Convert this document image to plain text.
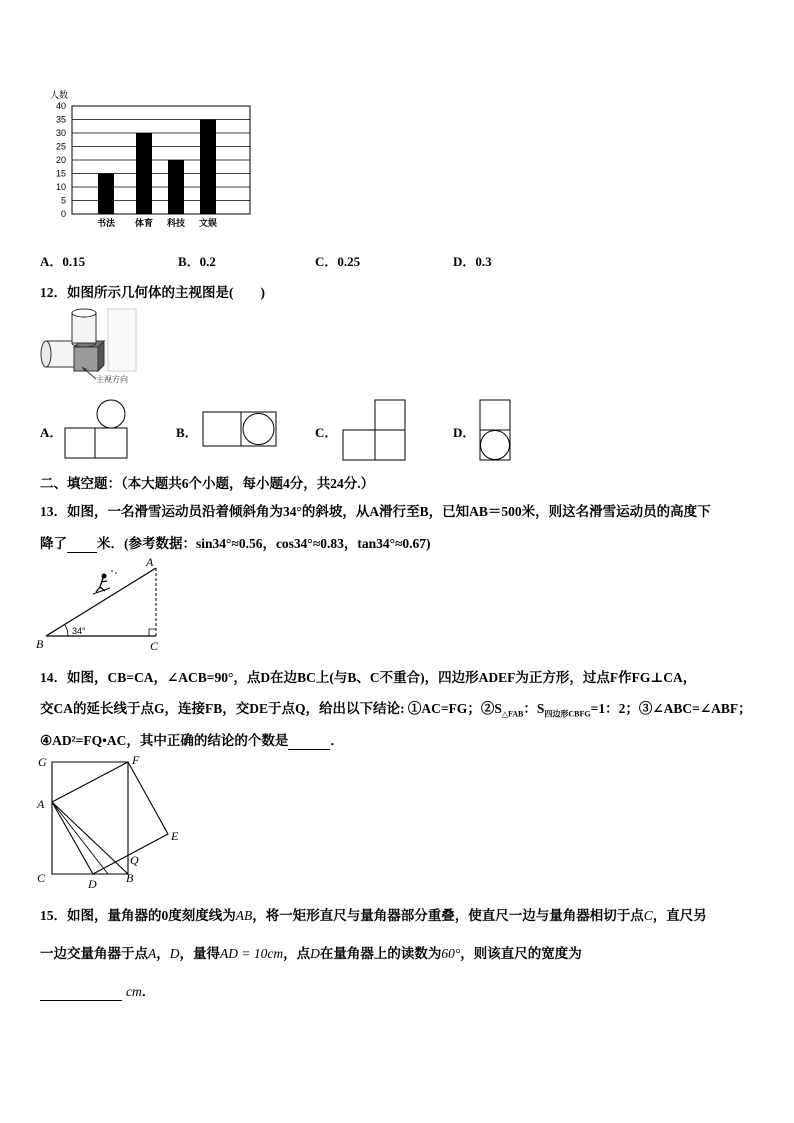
人数
0
5
10
15
20
25
30
35
40
书法 体育 科技 文娱
A．0.15	B．0.2	C．0.25	D．0.3
12．如图所示几何体的主视图是(　　)
主视方向
A．	B．	C．	D．
二、填空题：（本大题共6个小题，每小题4分，共24分.）
13．如图，一名滑雪运动员沿着倾斜角为34°的斜坡，从A滑行至B，已知AB＝500米，则这名滑雪运动员的高度下
降了 米．(参考数据：sin34°≈0.56，cos34°≈0.83，tan34°≈0.67)
A
B	C
34°
14．如图，CB=CA，∠ACB=90°，点D在边BC上(与B、C不重合)，四边形ADEF为正方形，过点F作FG⊥CA，
交CA的延长线于点G，连接FB，交DE于点Q，给出以下结论: ①AC=FG；$②S_{\triangle FAB}$：$S_{四边形CBFG}=1$：2；③∠ABC=∠ABF；
④AD²=FQ•AC，其中正确的结论的个数是	．
G	F
A
E
Q
C	D B
15．如图，量角器的0度刻度线为AB，将一矩形直尺与量角器部分重叠，使直尺一边与量角器相切于点C，直尺另
一边交量角器于点A，D，量得AD = 10cm，点D在量角器上的读数为60°，则该直尺的宽度为
cm．
